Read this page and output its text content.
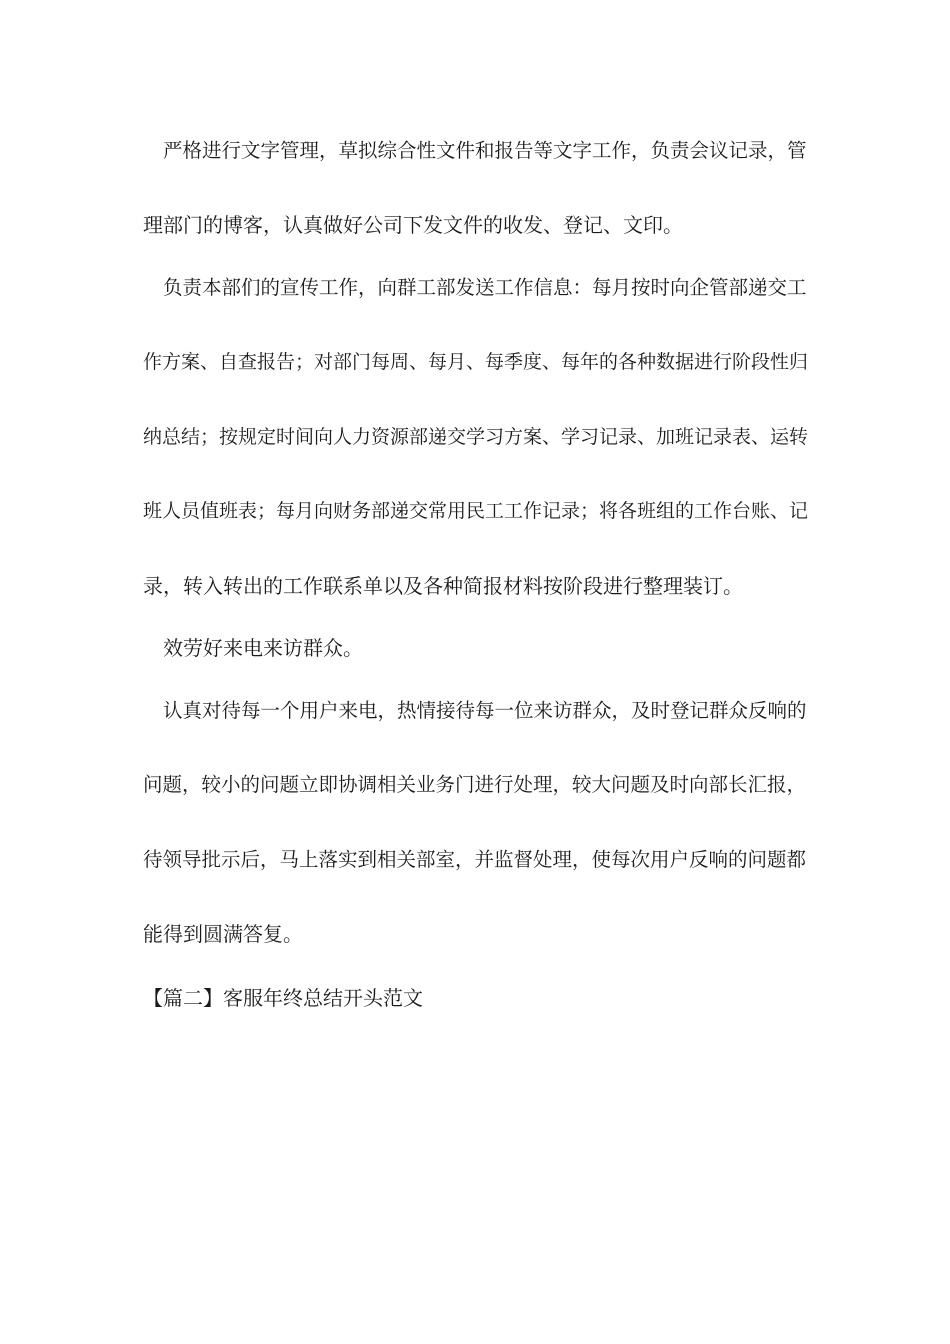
严格进行文字管理，草拟综合性文件和报告等文字工作，负责会议记录，管

理部门的博客，认真做好公司下发文件的收发、登记、文印。

负责本部们的宣传工作，向群工部发送工作信息：每月按时向企管部递交工

作方案、自查报告；对部门每周、每月、每季度、每年的各种数据进行阶段性归

纳总结；按规定时间向人力资源部递交学习方案、学习记录、加班记录表、运转

班人员值班表；每月向财务部递交常用民工工作记录；将各班组的工作台账、记

录，转入转出的工作联系单以及各种简报材料按阶段进行整理装订。

效劳好来电来访群众。

认真对待每一个用户来电，热情接待每一位来访群众，及时登记群众反响的

问题，较小的问题立即协调相关业务门进行处理，较大问题及时向部长汇报，

待领导批示后，马上落实到相关部室，并监督处理，使每次用户反响的问题都

能得到圆满答复。

【篇二】客服年终总结开头范文
